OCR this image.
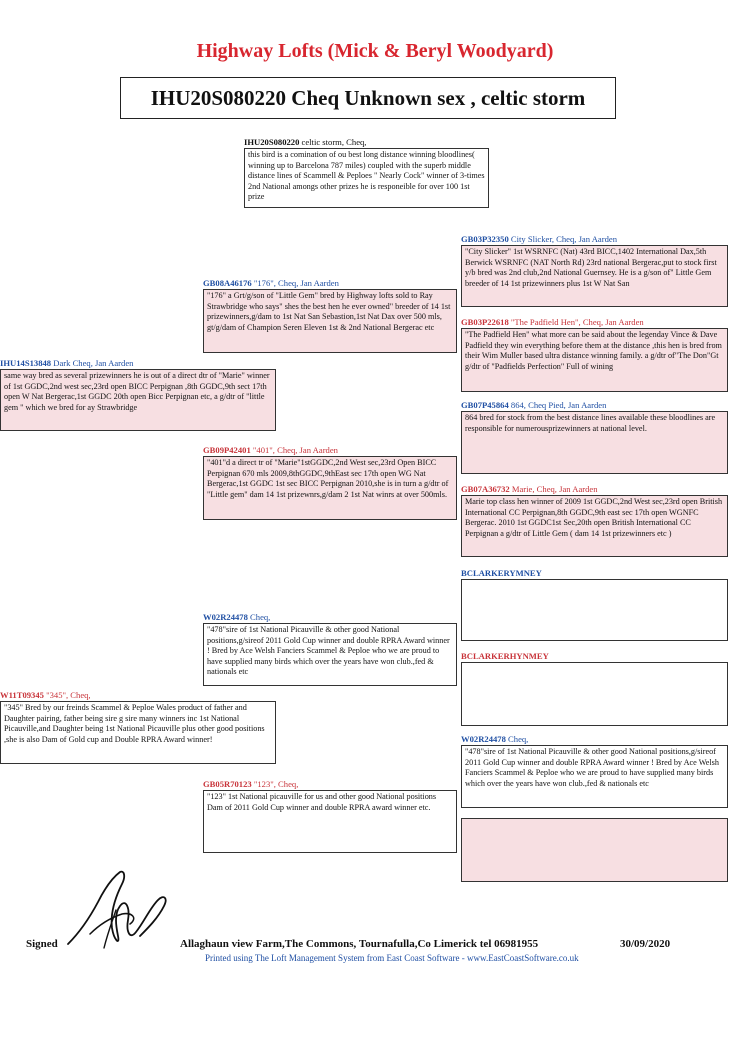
Highway Lofts (Mick & Beryl Woodyard)
IHU20S080220 Cheq Unknown sex , celtic storm
IHU20S080220 celtic storm, Cheq,
this bird is a comination of ou best long distance winning bloodlines( winning up to Barcelona 787 miles) coupled with the superb middle distance lines of Scammell & Peploes " Nearly Cock" winner of 3-times 2nd National amongs other prizes he is responeible for over 100 1st prize
IHU14S13848 Dark Cheq, Jan Aarden
same way bred as several prizewinners he is out of a direct dtr of "Marie" winner of 1st GGDC,2nd west sec,23rd open BICC Perpignan ,8th GGDC,9th sect 17th open W Nat Bergerac,1st GGDC 20th open Bicc Perpignan etc, a g/dtr of "little gem " which we bred for ay Strawbridge
GB08A46176 "176", Cheq, Jan Aarden
"176" a Grt/g/son of "Little Gem" bred by Highway lofts sold to Ray Strawbridge who says" shes the best hen he ever owned" breeder of 14 1st prizewinners,g/dam to 1st Nat San Sebastion,1st Nat Dax over 500 mls, gt/g/dam of Champion Seren Eleven 1st & 2nd National Bergerac etc
GB03P32350 City Slicker, Cheq, Jan Aarden
"City Slicker" 1st WSRNFC (Nat) 43rd BICC,1402 International Dax,5th Berwick WSRNFC (NAT North Rd) 23rd national Bergerac,put to stock first y/b bred was 2nd club,2nd National Guernsey. He is a g/son of" Little Gem breeder of 14 1st prizewinners plus 1st W Nat San
GB03P22618 "The Padfield Hen", Cheq, Jan Aarden
"The Padfield Hen" what more can be said about the legenday Vince & Dave Padfield they win everything before them at the distance ,this hen is bred from their Wim Muller based ultra distance winning family. a g/dtr of"The Don"Gt g/dtr of "Padfields Perfection" Full of wining
GB09P42401 "401", Cheq, Jan Aarden
"401"d a direct tr of "Marie"1stGGDC,2nd West sec,23rd Open BICC Perpignan 670 mls 2009,8thGGDC,9thEast sec 17th open WG Nat Bergerac,1st GGDC 1st sec BICC Perpignan 2010,she is in turn a g/dtr of "Little gem" dam 14 1st prizewnrs,g/dam 2 1st Nat winrs at over 500mls.
GB07P45864 864, Cheq Pied, Jan Aarden
864 bred for stock from the best distance lines available these bloodlines are responsible for numerousprizewinners at national level.
GB07A36732 Marie, Cheq, Jan Aarden
Marie top class hen winner of 2009 1st GGDC,2nd West sec,23rd open British International CC Perpignan,8th GGDC,9th east sec 17th open WGNFC Bergerac. 2010 1st GGDC1st Sec,20th open British International CC Perpignan a g/dtr of Little Gem ( dam 14 1st prizewinners etc )
BCLARKERYMNEY
W02R24478 Cheq,
"478"sire of 1st National Picauville & other good National positions,g/sireof 2011 Gold Cup winner and double RPRA Award winner ! Bred by Ace Welsh Fanciers Scammel & Peploe who we are proud to have supplied many birds which over the years have won club.,fed & nationals etc
BCLARKERHYNMEY
W11T09345 "345", Cheq,
"345" Bred by our freinds Scammel & Peploe Wales product of father and Daughter pairing, father being sire g sire many winners inc 1st National Picauville,and Daughter being 1st National Picauville plus other good positions ,she is also Dam of Gold cup and Double RPRA Award winner!
GB05R70123 "123", Cheq,
"123" 1st National picauville for us and other good National positions
Dam of 2011 Gold Cup winner and double RPRA award winner etc.
W02R24478 Cheq,
"478"sire of 1st National Picauville & other good National positions,g/sireof 2011 Gold Cup winner and double RPRA Award winner ! Bred by Ace Welsh Fanciers Scammel & Peploe who we are proud to have supplied many birds which over the years have won club.,fed & nationals etc
Signed	Allaghaun view Farm,The Commons, Tournafulla,Co Limerick tel 06981955	30/09/2020
Printed using The Loft Management System from East Coast Software - www.EastCoastSoftware.co.uk
